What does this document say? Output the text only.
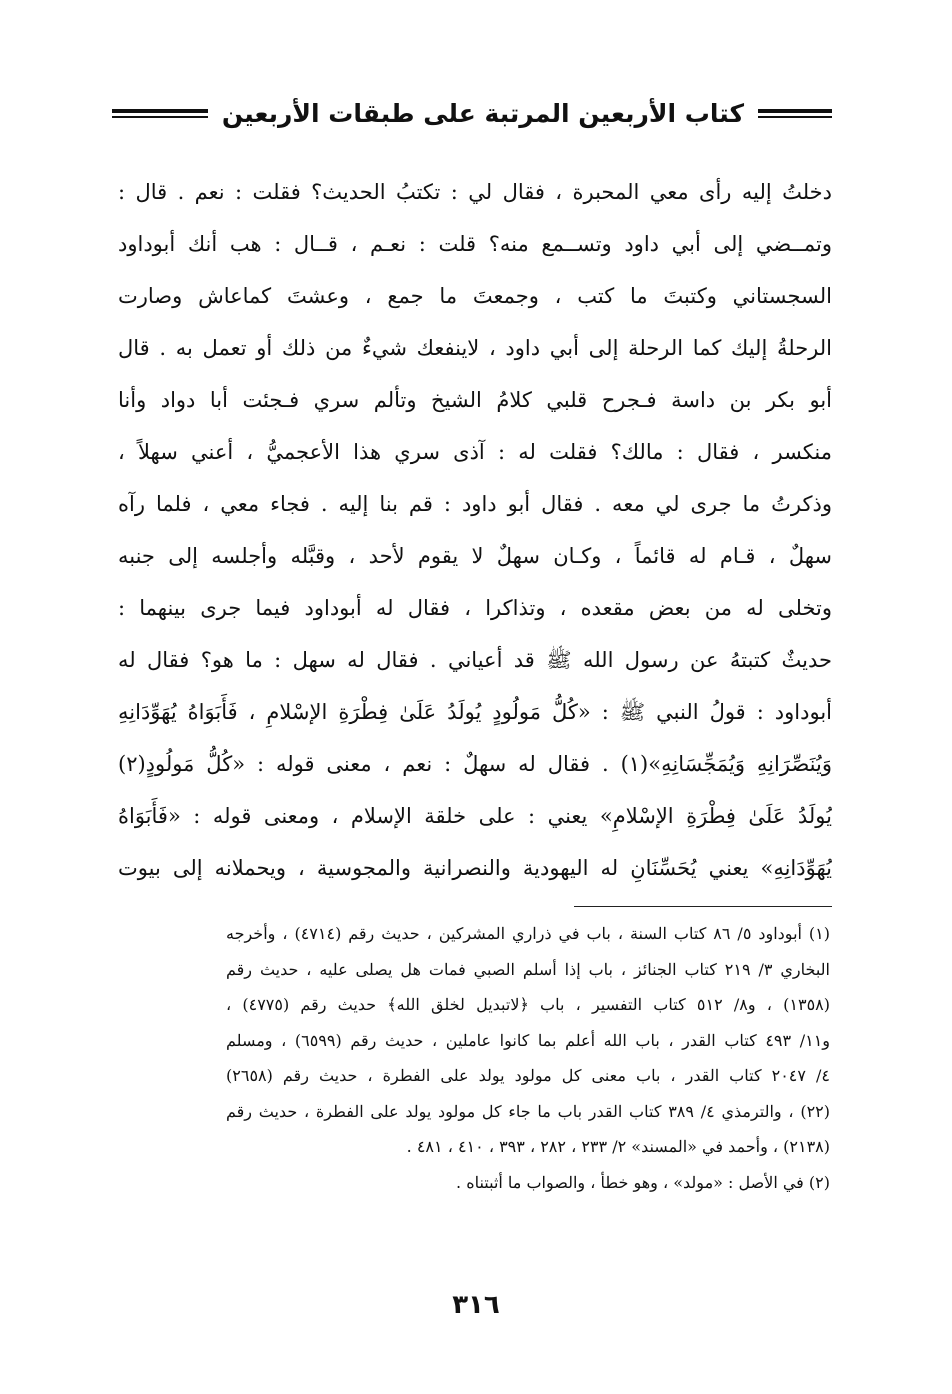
كتاب الأربعين المرتبة على طبقات الأربعين
دخلتُ إليه رأى معي المحبرة ، فقال لي : تكتبُ الحديث؟ فقلت : نعم . قال :
وتمــضي إلى أبي داود وتســمع منه؟ قلت : نعـم ، قــال : هب أنك أبوداود
السجستاني وكتبتَ ما كتب ، وجمعتَ ما جمع ، وعشتَ كماعاش وصارت
الرحلةُ إليك كما الرحلة إلى أبي داود ، لاينفعك شيءٌ من ذلك أو تعمل به . قال
أبو بكر بن داسة فـجرح قلبي كلامُ الشيخ وتألم سري فـجئت أبا دواد وأنا
منكسر ، فقال : مالك؟ فقلت له : آذى سري هذا الأعجميُّ ، أعني سهلاً ،
وذكرتُ ما جرى لي معه . فقال أبو داود : قم بنا إليه . فجاء معي ، فلما رآه
سهلٌ ، قـام له قائماً ، وكـان سهلٌ لا يقوم لأحد ، وقبَّله وأجلسه إلى جنبه
وتخلى له من بعض مقعده ، وتذاكرا ، فقال له أبوداود فيما جرى بينهما :
حديثٌ كتبتهُ عن رسول الله ﷺ قد أعياني . فقال له سهل : ما هو؟ فقال له
أبوداود : قولُ النبي ﷺ : «كُلُّ مَولُودٍ يُولَدُ عَلَىٰ فِطْرَةِ الإسْلامِ ، فَأَبَوَاهُ يُهَوِّدَانِهِ
وَيُنَصِّرَانِهِ وَيُمَجِّسَانِهِ»(١) . فقال له سهلٌ : نعم ، معنى قوله : «كُلُّ مَولُودٍ(٢)
يُولَدُ عَلَىٰ فِطْرَةِ الإسْلامِ» يعني : على خلقة الإسلام ، ومعنى قوله : «فَأَبَوَاهُ
يُهَوِّدَانِهِ» يعني يُحَسِّنَانِ له اليهودية والنصرانية والمجوسية ، ويحملانه إلى بيوت
(١) أبوداود ٥/ ٨٦ كتاب السنة ، باب في ذراري المشركين ، حديث رقم (٤٧١٤) ، وأخرجه
البخاري ٣/ ٢١٩ كتاب الجنائز ، باب إذا أسلم الصبي فمات هل يصلى عليه ، حديث رقم
(١٣٥٨) ، و٨/ ٥١٢ كتاب التفسير ، باب ﴿لاتبديل لخلق الله﴾ حديث رقم (٤٧٧٥) ،
و١١/ ٤٩٣ كتاب القدر ، باب الله أعلم بما كانوا عاملين ، حديث رقم (٦٥٩٩) ، ومسلم
٤/ ٢٠٤٧ كتاب القدر ، باب معنى كل مولود يولد على الفطرة ، حديث رقم (٢٦٥٨)
(٢٢) ، والترمذي ٤/ ٣٨٩ كتاب القدر باب ما جاء كل مولود يولد على الفطرة ، حديث رقم
(٢١٣٨) ، وأحمد في «المسند» ٢/ ٢٣٣ ، ٢٨٢ ، ٣٩٣ ، ٤١٠ ، ٤٨١ .
(٢) في الأصل : «مولد» ، وهو خطأ ، والصواب ما أثبتناه .
٣١٦
